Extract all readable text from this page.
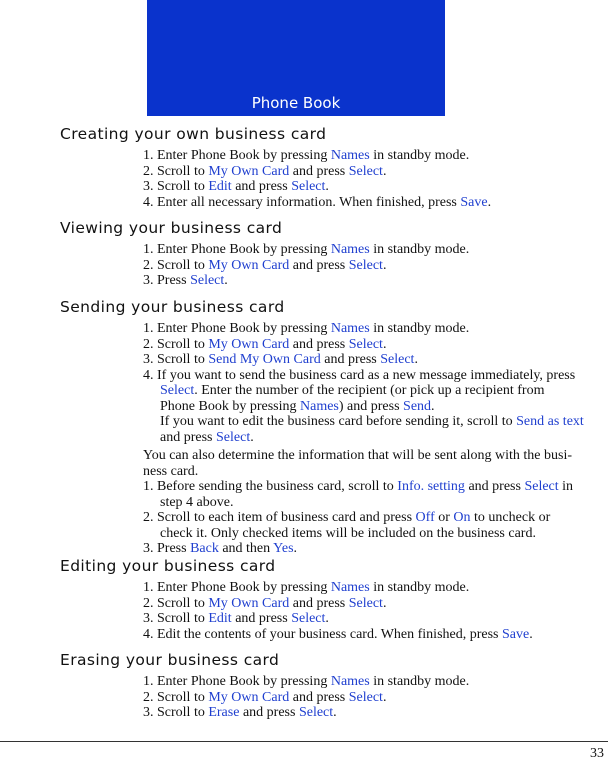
Phone Book
Creating your own business card
1. Enter Phone Book by pressing Names in standby mode.
2. Scroll to My Own Card and press Select.
3. Scroll to Edit and press Select.
4. Enter all necessary information. When finished, press Save.
Viewing your business card
1. Enter Phone Book by pressing Names in standby mode.
2. Scroll to My Own Card and press Select.
3. Press Select.
Sending your business card
1. Enter Phone Book by pressing Names in standby mode.
2. Scroll to My Own Card and press Select.
3. Scroll to Send My Own Card and press Select.
4. If you want to send the business card as a new message immediately, press
Select. Enter the number of the recipient (or pick up a recipient from
Phone Book by pressing Names) and press Send.
If you want to edit the business card before sending it, scroll to Send as text
and press Select.
You can also determine the information that will be sent along with the busi-
ness card.
1. Before sending the business card, scroll to Info. setting and press Select in
step 4 above.
2. Scroll to each item of business card and press Off or On to uncheck or
check it. Only checked items will be included on the business card.
3. Press Back and then Yes.
Editing your business card
1. Enter Phone Book by pressing Names in standby mode.
2. Scroll to My Own Card and press Select.
3. Scroll to Edit and press Select.
4. Edit the contents of your business card. When finished, press Save.
Erasing your business card
1. Enter Phone Book by pressing Names in standby mode.
2. Scroll to My Own Card and press Select.
3. Scroll to Erase and press Select.
33
